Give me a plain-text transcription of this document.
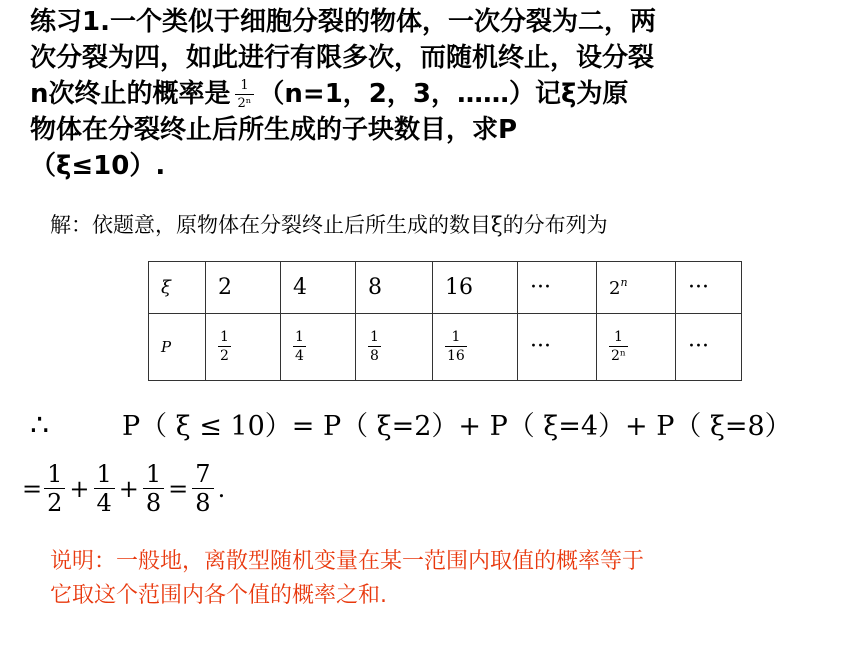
练习1.一个类似于细胞分裂的物体，一次分裂为二，两
次分裂为四，如此进行有限多次，而随机终止，设分裂
n次终止的概率是 $\frac{1}{\text{2ⁿ}} (n=1$，2，3，……）记ξ为原
物体在分裂终止后所生成的子块数目，求P
（ξ≤10）.
解：依题意，原物体在分裂终止后所生成的数目ξ的分布列为
ξ	2	4	8	16	···	$2^n$	···
P	$\frac{1}{2}$	$\frac{1}{4}$	$\frac{1}{8}$	$\frac{1}{16}$	···	$\frac{1}{\text{2ⁿ}}$	···
∴	P（ ξ ≤ 10）= P（ ξ=2）+ P（ ξ=4）+ P（ ξ=8）
= $\frac{1}{2} + \frac{1}{4} + \frac{1}{8} = \frac{7}{8}$ .
说明：一般地，离散型随机变量在某一范围内取值的概率等于
它取这个范围内各个值的概率之和.
